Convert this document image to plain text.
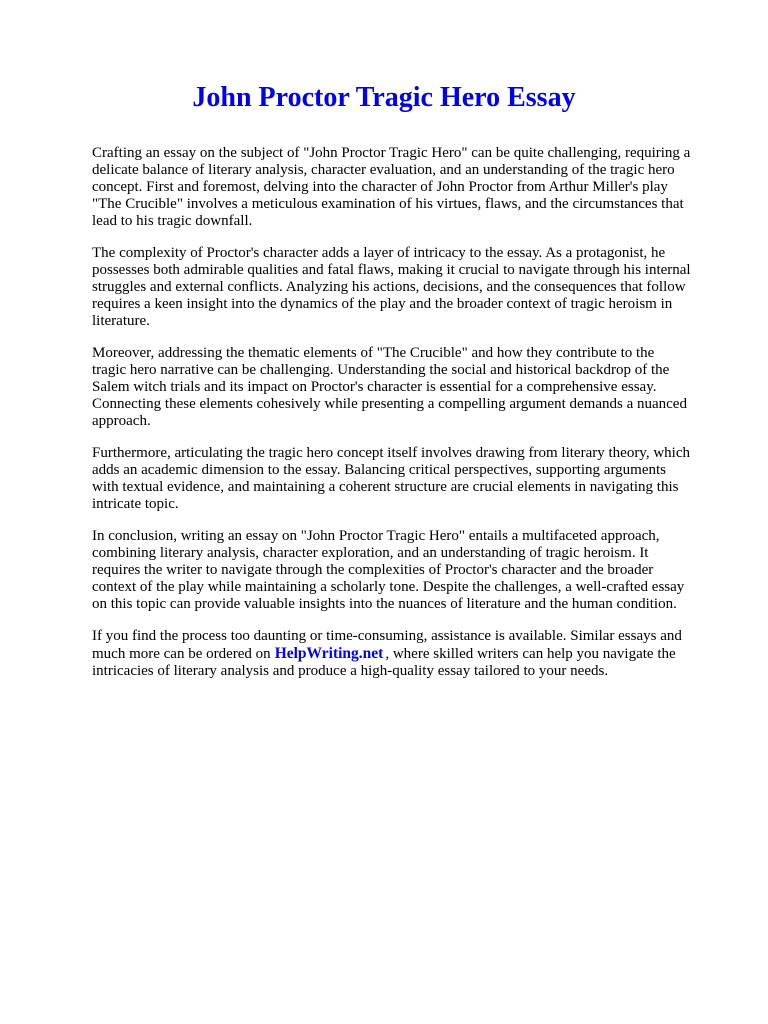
John Proctor Tragic Hero Essay

Crafting an essay on the subject of "John Proctor Tragic Hero" can be quite challenging, requiring a delicate balance of literary analysis, character evaluation, and an understanding of the tragic hero concept. First and foremost, delving into the character of John Proctor from Arthur Miller's play "The Crucible" involves a meticulous examination of his virtues, flaws, and the circumstances that lead to his tragic downfall.

The complexity of Proctor's character adds a layer of intricacy to the essay. As a protagonist, he possesses both admirable qualities and fatal flaws, making it crucial to navigate through his internal struggles and external conflicts. Analyzing his actions, decisions, and the consequences that follow requires a keen insight into the dynamics of the play and the broader context of tragic heroism in literature.

Moreover, addressing the thematic elements of "The Crucible" and how they contribute to the tragic hero narrative can be challenging. Understanding the social and historical backdrop of the Salem witch trials and its impact on Proctor's character is essential for a comprehensive essay. Connecting these elements cohesively while presenting a compelling argument demands a nuanced approach.

Furthermore, articulating the tragic hero concept itself involves drawing from literary theory, which adds an academic dimension to the essay. Balancing critical perspectives, supporting arguments with textual evidence, and maintaining a coherent structure are crucial elements in navigating this intricate topic.

In conclusion, writing an essay on "John Proctor Tragic Hero" entails a multifaceted approach, combining literary analysis, character exploration, and an understanding of tragic heroism. It requires the writer to navigate through the complexities of Proctor's character and the broader context of the play while maintaining a scholarly tone. Despite the challenges, a well-crafted essay on this topic can provide valuable insights into the nuances of literature and the human condition.

If you find the process too daunting or time-consuming, assistance is available. Similar essays and much more can be ordered on HelpWriting.net , where skilled writers can help you navigate the intricacies of literary analysis and produce a high-quality essay tailored to your needs.
